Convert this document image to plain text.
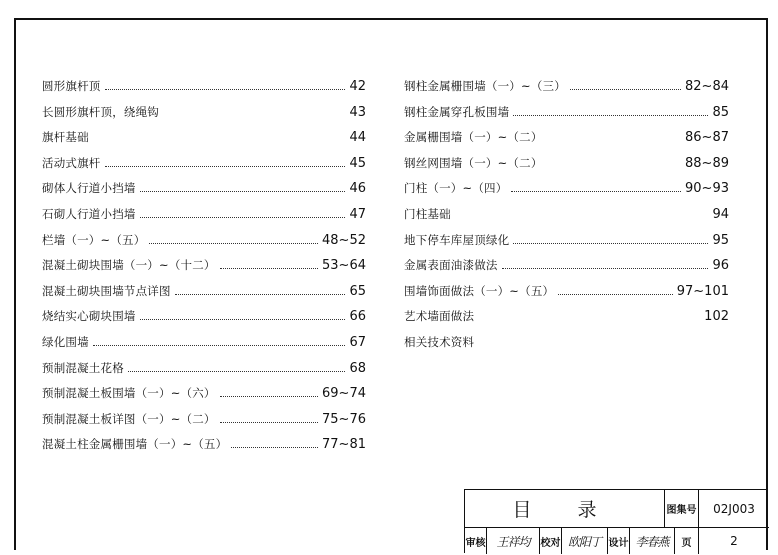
圆形旗杆顶	42
长圆形旗杆顶，绕绳钩	43
旗杆基础	44
活动式旗杆	45
砌体人行道小挡墙	46
石砌人行道小挡墙	47
栏墙（一）~（五）	48~52
混凝土砌块围墙（一）~（十二）	53~64
混凝土砌块围墙节点详图	65
烧结实心砌块围墙	66
绿化围墙	67
预制混凝土花格	68
预制混凝土板围墙（一）~（六）	69~74
预制混凝土板详图（一）~（二）	75~76
混凝土柱金属栅围墙（一）~（五）	77~81
钢柱金属栅围墙（一）~（三）	82~84
钢柱金属穿孔板围墙	85
金属栅围墙（一）~（二）	86~87
钢丝网围墙（一）~（二）	88~89
门柱（一）~（四）	90~93
门柱基础	94
地下停车库屋顶绿化	95
金属表面油漆做法	96
围墙饰面做法（一）~（五）	97~101
艺术墙面做法	102
相关技术资料
目 录	图集号	02J003
审核 王祥均	校对 欧阳丁 设计 李春燕	页	2
